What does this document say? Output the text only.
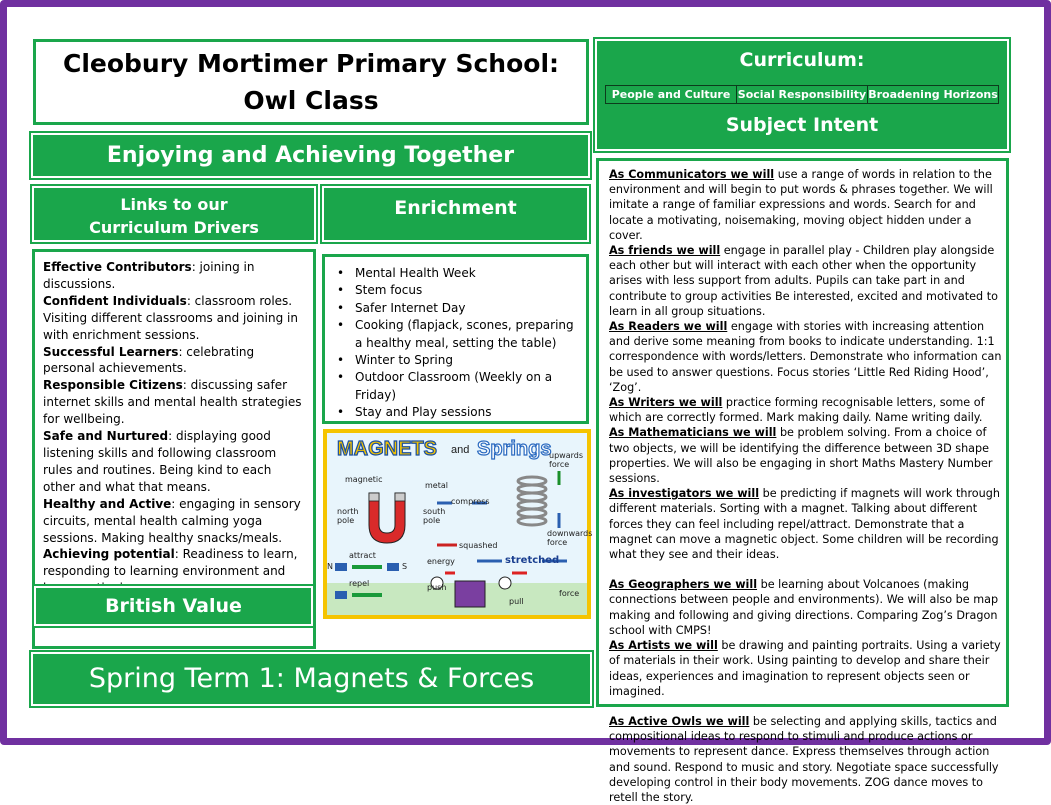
Cleobury Mortimer Primary School:
Owl Class
Curriculum:
People and Culture Social Responsibility Broadening Horizons
Subject Intent
Enjoying and Achieving Together
Links to our
Curriculum Drivers
Enrichment

Effective Contributors: joining in discussions.

Confident Individuals: classroom roles. Visiting different classrooms and joining in with enrichment sessions.

Successful Learners: celebrating personal achievements.

Responsible Citizens: discussing safer internet skills and mental health strategies for wellbeing.

Safe and Nurtured: displaying good listening skills and following classroom rules and routines. Being kind to each other and what that means.

Healthy and Active: engaging in sensory circuits, mental health calming yoga sessions. Making healthy snacks/meals.

Achieving potential: Readiness to learn, responding to learning environment and

British Value
• Mental Health Week
• Stem focus
• Safer Internet Day
• Cooking (flapjack, scones, preparing a healthy meal, setting the table)
• Winter to Spring
• Outdoor Classroom (Weekly on a Friday)
• Stay and Play sessions
MAGNETS and Springs
magnetic
metal
north pole
south pole
compress
upwards force
downwards force
squashed
stretched
attract
repel
energy
push
pull
force
N	S
Spring Term 1: Magnets & Forces

As Communicators we will use a range of words in relation to the environment and will begin to put words & phrases together. We will imitate a range of familiar expressions and words. Search for and locate a motivating, noisemaking, moving object hidden under a cover.

As friends we will engage in parallel play - Children play alongside each other but will interact with each other when the opportunity arises with less support from adults. Pupils can take part in and contribute to group activities Be interested, excited and motivated to learn in all group situations.

As Readers we will engage with stories with increasing attention and derive some meaning from books to indicate understanding. 1:1 correspondence with words/letters. Demonstrate who information can be used to answer questions. Focus stories ‘Little Red Riding Hood’, ‘Zog’.

As Writers we will practice forming recognisable letters, some of which are correctly formed. Mark making daily. Name writing daily.

As Mathematicians we will be problem solving. From a choice of two objects, we will be identifying the difference between 3D shape properties. We will also be engaging in short Maths Mastery Number sessions.

As investigators we will be predicting if magnets will work through different materials. Sorting with a magnet. Talking about different forces they can feel including repel/attract. Demonstrate that a magnet can move a magnetic object. Some children will be recording what they see and their ideas.

As Geographers we will be learning about Volcanoes (making connections between people and environments). We will also be map making and following and giving directions. Comparing Zog’s Dragon school with CMPS!

As Artists we will be drawing and painting portraits. Using a variety of materials in their work. Using painting to develop and share their ideas, experiences and imagination to represent objects seen or imagined.

As Active Owls we will be selecting and applying skills, tactics and compositional ideas to respond to stimuli and produce actions or movements to represent dance. Express themselves through action and sound. Respond to music and story. Negotiate space successfully developing control in their body movements. ZOG dance moves to retell the story.
